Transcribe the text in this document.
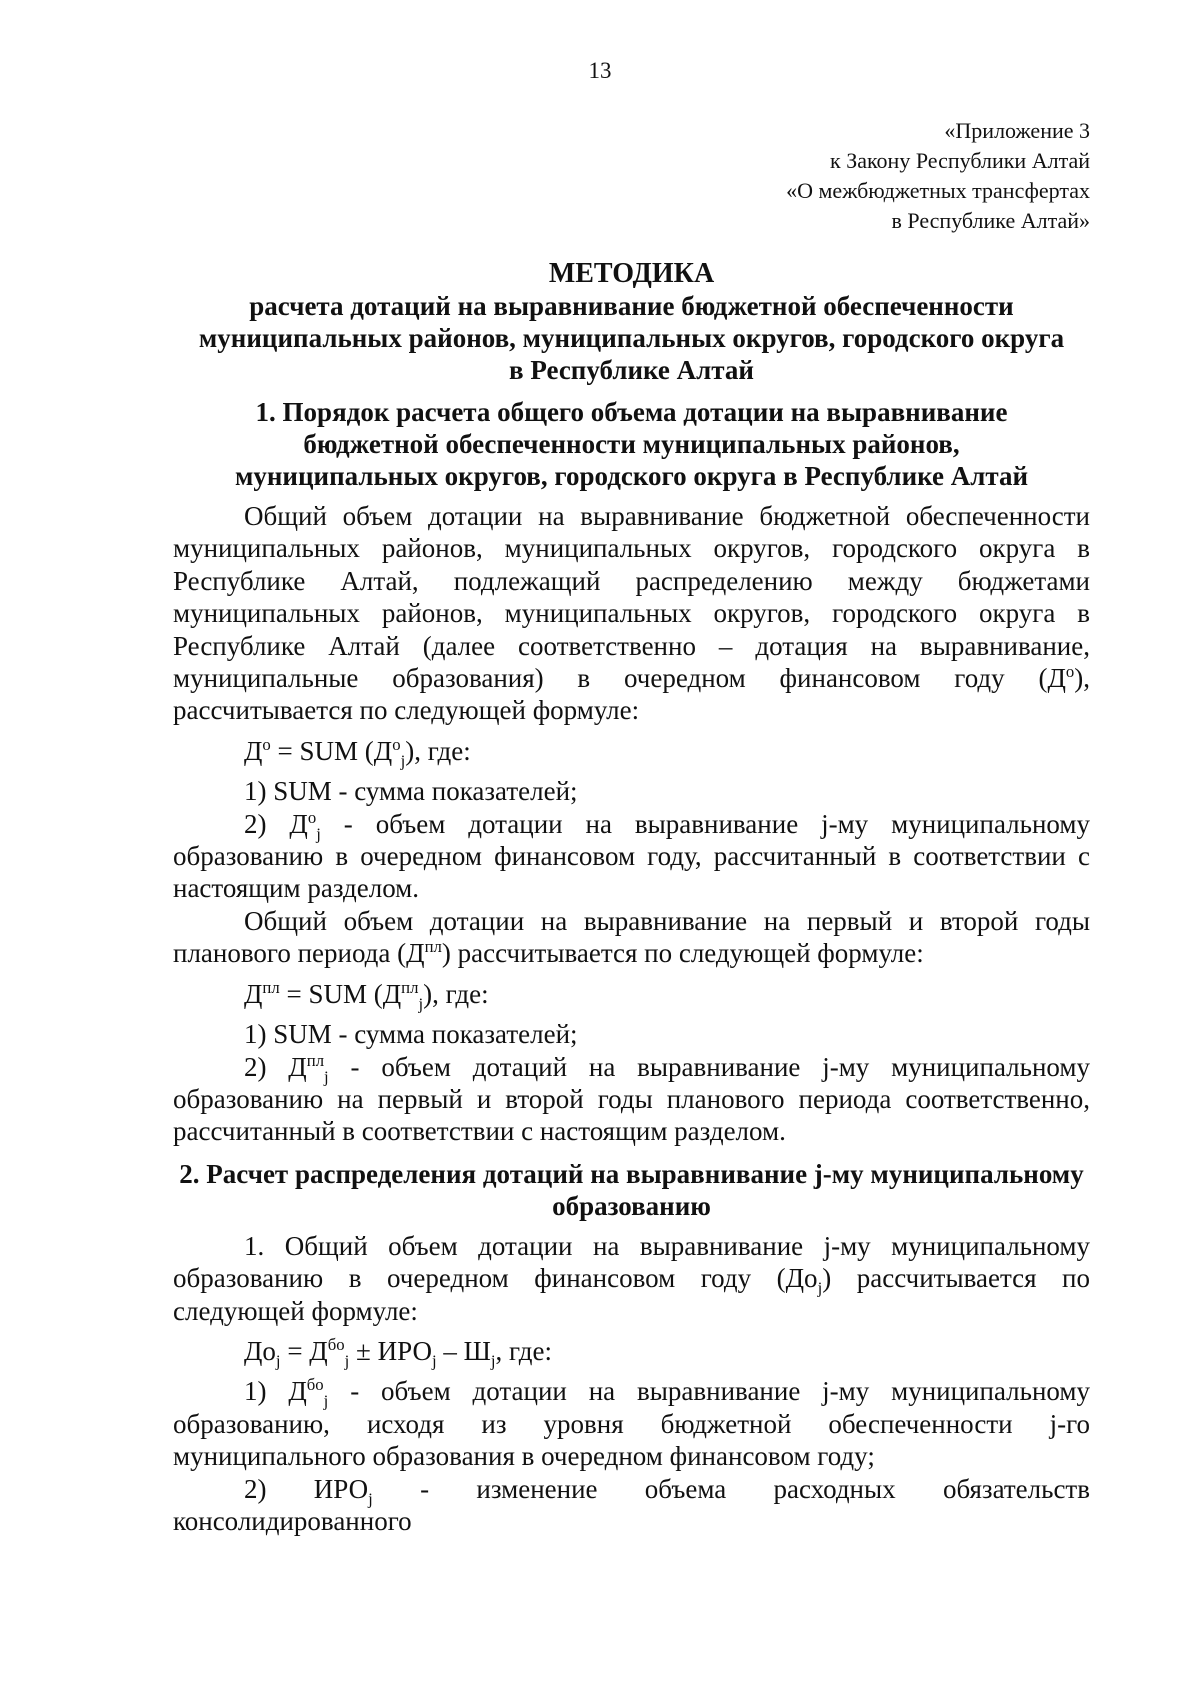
13
«Приложение 3
к Закону Республики Алтай
«О межбюджетных трансфертах
в Республике Алтай»
МЕТОДИКА
расчета дотаций на выравнивание бюджетной обеспеченности
муниципальных районов, муниципальных округов, городского округа
в Республике Алтай
1. Порядок расчета общего объема дотации на выравнивание
бюджетной обеспеченности муниципальных районов,
муниципальных округов, городского округа в Республике Алтай

Общий объем дотации на выравнивание бюджетной обеспеченности муниципальных районов, муниципальных округов, городского округа в Республике Алтай, подлежащий распределению между бюджетами муниципальных районов, муниципальных округов, городского округа в Республике Алтай (далее соответственно – дотация на выравнивание, муниципальные образования) в очередном финансовом году $(Д^о)$, рассчитывается по следующей формуле:

$Д^о$ = SUM $(Д^о_j)$, где:

1) SUM - сумма показателей;

2) $Д^о_j$ - объем дотации на выравнивание j-му муниципальному образованию в очередном финансовом году, рассчитанный в соответствии с настоящим разделом.

Общий объем дотации на выравнивание на первый и второй годы планового периода $(Д^{пл})$ рассчитывается по следующей формуле:

$Д^{пл}$ = SUM $(Д^{пл}_j)$, где:

1) SUM - сумма показателей;

2) $Д^{пл}_j$ - объем дотаций на выравнивание j-му муниципальному образованию на первый и второй годы планового периода соответственно, рассчитанный в соответствии с настоящим разделом.

2. Расчет распределения дотаций на выравнивание j-му муниципальному
образованию

1. Общий объем дотации на выравнивание j-му муниципальному образованию в очередном финансовом году $(До_j)$ рассчитывается по следующей формуле:

$До_j = Д^{бо}_j \pm ИРО_j - Ш_j$, где:

1) $Д^{бо}_j$ - объем дотации на выравнивание j-му муниципальному образованию, исходя из уровня бюджетной обеспеченности j-го муниципального образования в очередном финансовом году;

2) $ИРО_j$ - изменение объема расходных обязательств консолидированного
